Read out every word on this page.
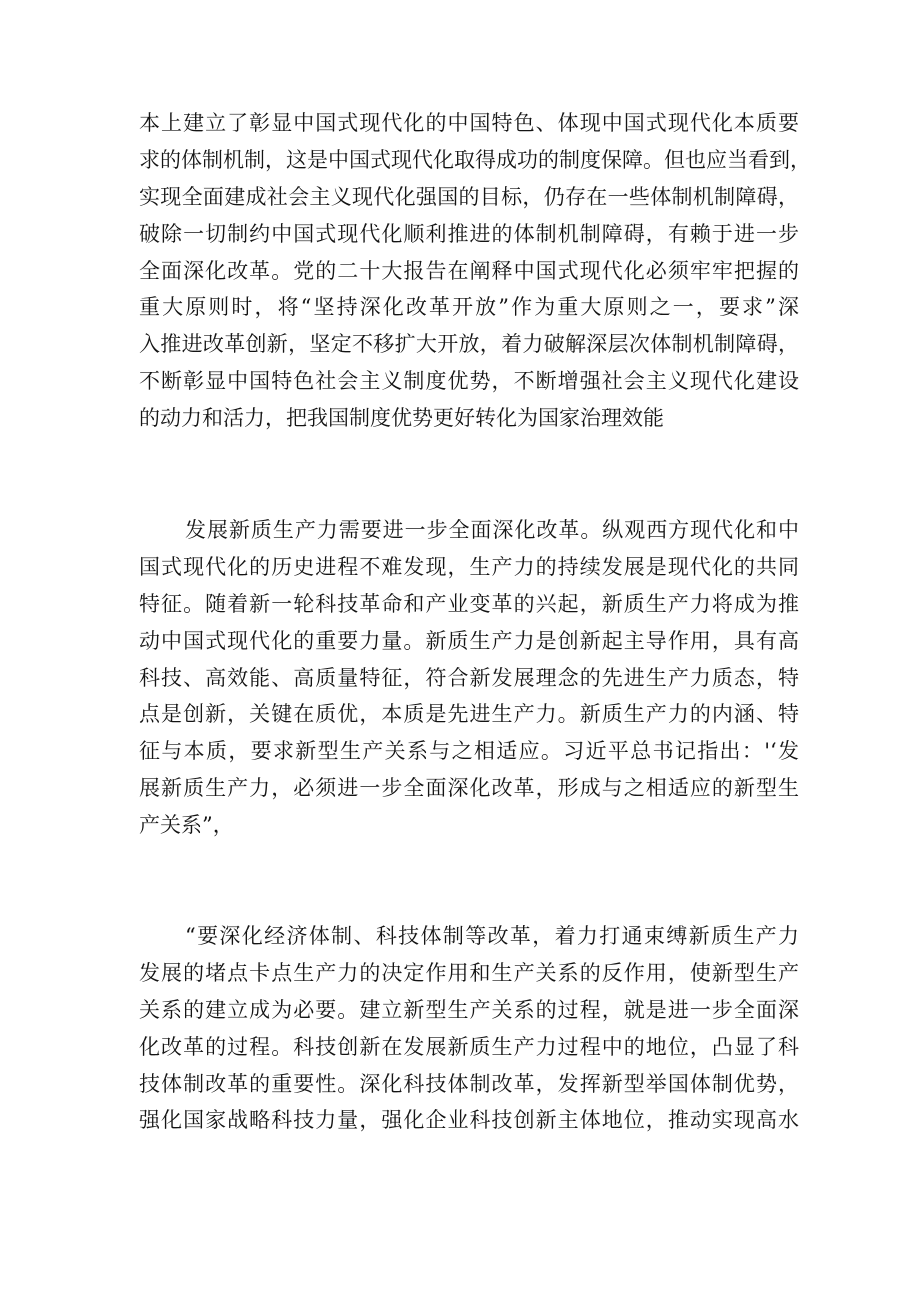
本上建立了彰显中国式现代化的中国特色、体现中国式现代化本质要
求的体制机制，这是中国式现代化取得成功的制度保障。但也应当看到，
实现全面建成社会主义现代化强国的目标，仍存在一些体制机制障碍，
破除一切制约中国式现代化顺利推进的体制机制障碍，有赖于进一步
全面深化改革。党的二十大报告在阐释中国式现代化必须牢牢把握的
重大原则时，将“坚持深化改革开放”作为重大原则之一，要求”深
入推进改革创新，坚定不移扩大开放，着力破解深层次体制机制障碍，
不断彰显中国特色社会主义制度优势，不断增强社会主义现代化建设
的动力和活力，把我国制度优势更好转化为国家治理效能
发展新质生产力需要进一步全面深化改革。纵观西方现代化和中
国式现代化的历史进程不难发现，生产力的持续发展是现代化的共同
特征。随着新一轮科技革命和产业变革的兴起，新质生产力将成为推
动中国式现代化的重要力量。新质生产力是创新起主导作用，具有高
科技、高效能、高质量特征，符合新发展理念的先进生产力质态，特
点是创新，关键在质优，本质是先进生产力。新质生产力的内涵、特
征与本质，要求新型生产关系与之相适应。习近平总书记指出：'‘发
展新质生产力，必须进一步全面深化改革，形成与之相适应的新型生
产关系”，
“要深化经济体制、科技体制等改革，着力打通束缚新质生产力
发展的堵点卡点生产力的决定作用和生产关系的反作用，使新型生产
关系的建立成为必要。建立新型生产关系的过程，就是进一步全面深
化改革的过程。科技创新在发展新质生产力过程中的地位，凸显了科
技体制改革的重要性。深化科技体制改革，发挥新型举国体制优势，
强化国家战略科技力量，强化企业科技创新主体地位，推动实现高水
